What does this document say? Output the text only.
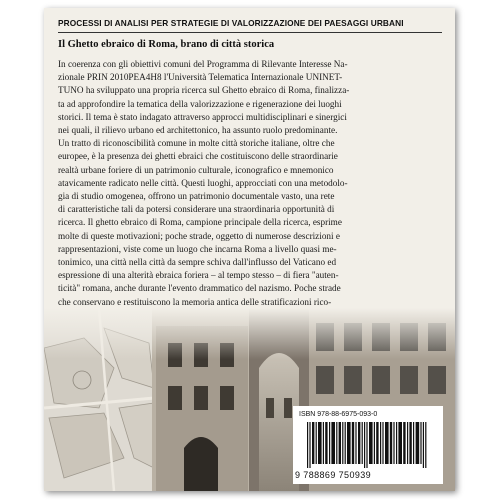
PROCESSI DI ANALISI PER STRATEGIE DI VALORIZZAZIONE DEI PAESAGGI URBANI
Il Ghetto ebraico di Roma, brano di città storica
In coerenza con gli obiettivi comuni del Programma di Rilevante Interesse Na-
zionale PRIN 2010PEA4H8 l'Università Telematica Internazionale UNINET-
TUNO ha sviluppato una propria ricerca sul Ghetto ebraico di Roma, finalizza-
ta ad approfondire la tematica della valorizzazione e rigenerazione dei luoghi
storici. Il tema è stato indagato attraverso approcci multidisciplinari e sinergici
nei quali, il rilievo urbano ed architettonico, ha assunto ruolo predominante.
Un tratto di riconoscibilità comune in molte città storiche italiane, oltre che
europee, è la presenza dei ghetti ebraici che costituiscono delle straordinarie
realtà urbane foriere di un patrimonio culturale, iconografico e mnemonico
atavicamente radicato nelle città. Questi luoghi, approcciati con una metodolo-
gia di studio omogenea, offrono un patrimonio documentale vasto, una rete
di caratteristiche tali da potersi considerare una straordinaria opportunità di
ricerca. Il ghetto ebraico di Roma, campione principale della ricerca, esprime
molte di queste motivazioni; poche strade, oggetto di numerose descrizioni e
rappresentazioni, viste come un luogo che incarna Roma a livello quasi me-
tonimico, una città nella città da sempre schiva dall'influsso del Vaticano ed
espressione di una alterità ebraica foriera – al tempo stesso – di fiera "auten-
ticità" romana, anche durante l'evento drammatico del nazismo. Poche strade
che conservano e restituiscono la memoria antica delle stratificazioni rico-
ISBN 978-88-6975-093-0
9 788869 750939
